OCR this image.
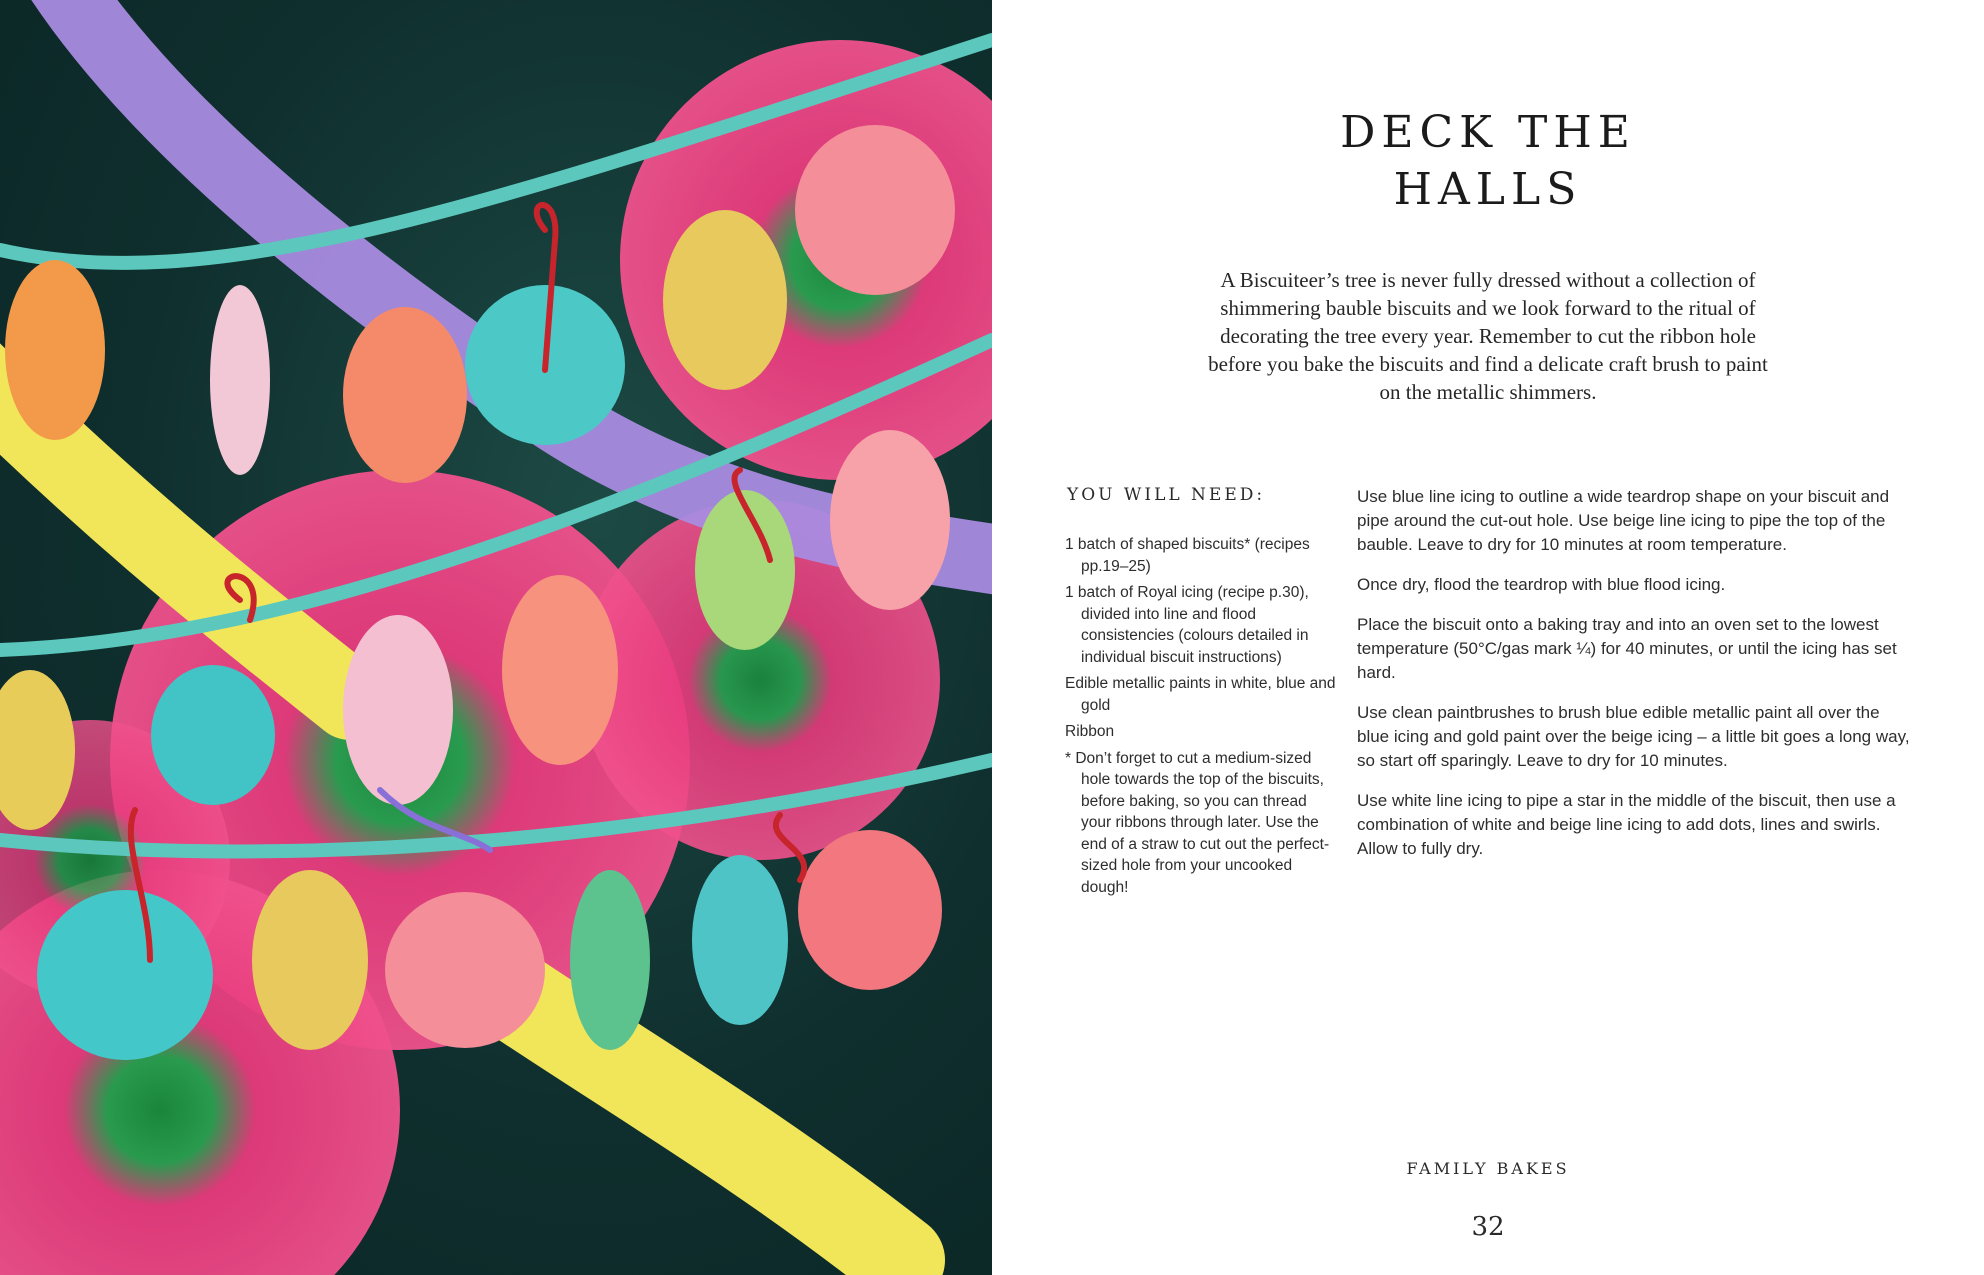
DECK THE
HALLS

A Biscuiteer’s tree is never fully dressed without a collection of shimmering bauble biscuits and we look forward to the ritual of decorating the tree every year. Remember to cut the ribbon hole before you bake the biscuits and find a delicate craft brush to paint on the metallic shimmers.

YOU WILL NEED:
1 batch of shaped biscuits* (recipes pp.19–25)
1 batch of Royal icing (recipe p.30), divided into line and flood consistencies (colours detailed in individual biscuit instructions)
Edible metallic paints in white, blue and gold
Ribbon
* Don’t forget to cut a medium-sized hole towards the top of the biscuits, before baking, so you can thread your ribbons through later. Use the end of a straw to cut out the perfect-sized hole from your uncooked dough!

Use blue line icing to outline a wide teardrop shape on your biscuit and pipe around the cut-out hole. Use beige line icing to pipe the top of the bauble. Leave to dry for 10 minutes at room temperature.

Once dry, flood the teardrop with blue flood icing.

Place the biscuit onto a baking tray and into an oven set to the lowest temperature (50°C/gas mark ¼) for 40 minutes, or until the icing has set hard.

Use clean paintbrushes to brush blue edible metallic paint all over the blue icing and gold paint over the beige icing – a little bit goes a long way, so start off sparingly. Leave to dry for 10 minutes.

Use white line icing to pipe a star in the middle of the biscuit, then use a combination of white and beige line icing to add dots, lines and swirls. Allow to fully dry.

FAMILY BAKES
32
